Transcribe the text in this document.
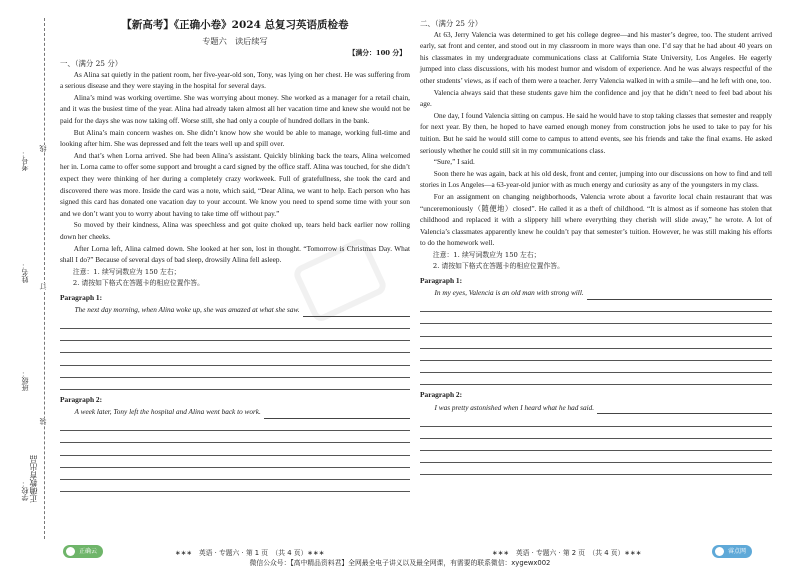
考号：
姓名：
班级：
学校：
线
订
装
正确教育出品
【新高考】《正确小卷》2024 总复习英语质检卷
专题六　读后续写
【满分：100 分】
一、（满分 25 分）

As Alina sat quietly in the patient room, her five-year-old son, Tony, was lying on her chest. He was suffering from a serious disease and they were staying in the hospital for several days.

Alina’s mind was working overtime. She was worrying about money. She worked as a manager for a retail chain, and it was the busiest time of the year. Alina had already taken almost all her vacation time and knew she would not be paid for the days she was now taking off. Worse still, she had only a couple of hundred dollars in the bank.

But Alina’s main concern washes on. She didn’t know how she would be able to manage, working full-time and looking after him. She was depressed and felt the tears well up and spill over.

And that’s when Lorna arrived. She had been Alina’s assistant. Quickly blinking back the tears, Alina welcomed her in. Lorna came to offer some support and brought a card signed by the office staff. Alina was touched, for she didn’t expect they were thinking of her during a completely crazy workweek. Full of gratefullness, she took the card and discovered there was more. Inside the card was a note, which said, “Dear Alina, we want to help. Each person who has signed this card has donated one vacation day to your account. We know you need to spend some time with your son and we don’t want you to worry about having to take time off without pay.”

So moved by their kindness, Alina was speechless and got quite choked up, tears held back earlier now rolling down her cheeks.

After Lorna left, Alina calmed down. She looked at her son, lost in thought. “Tomorrow is Christmas Day. What shall I do?” Because of several days of bad sleep, drowsily Alina fell asleep.

注意：1. 续写词数应为 150 左右；
2. 请按如下格式在答题卡的相应位置作答。
Paragraph 1:
The next day morning, when Alina woke up, she was amazed at what she saw.
Paragraph 2:
A week later, Tony left the hospital and Alina went back to work.
二、（满分 25 分）

At 63, Jerry Valencia was determined to get his college degree—and his master’s degree, too. The student arrived early, sat front and center, and stood out in my classroom in more ways than one. I’d say that he had about 40 years on his classmates in my undergraduate communications class at California State University, Los Angeles. He eagerly jumped into class discussions, with his modest humor and wisdom of experience. And he was always respectful of the other students’ views, as if each of them were a teacher. Jerry Valencia walked in with a smile—and he left with one, too.

Valencia always said that these students gave him the confidence and joy that he didn’t need to feel bad about his age.

One day, I found Valencia sitting on campus. He said he would have to stop taking classes that semester and reapply for next year. By then, he hoped to have earned enough money from construction jobs he used to take to pay for his tuition. But he said he would still come to campus to attend events, see his friends and take the final exams. He asked seriously whether he could still sit in my communications class.

“Sure,” I said.

Soon there he was again, back at his old desk, front and center, jumping into our discussions on how to find and tell stories in Los Angeles—a 63-year-old junior with as much energy and curiosity as any of the youngsters in my class.

For an assignment on changing neighborhoods, Valencia wrote about a favorite local chain restaurant that was “unceremoniously（随便地）closed”. He called it as a theft of childhood. “It is almost as if someone has stolen that childhood and replaced it with a slippery hill where everything they cherish will slide away,” he wrote. A lot of Valencia’s classmates apparently knew he couldn’t pay that semester’s tuition. However, he was still making his efforts to do the homework well.

注意：1. 续写词数应为 150 左右；
2. 请按如下格式在答题卡的相应位置作答。
Paragraph 1:
In my eyes, Valencia is an old man with strong will.
Paragraph 2:
I was pretty astonished when I heard what he had said.
正确云	∗∗∗　英语 · 专题六 · 第 1 页　（共 4 页）∗∗∗	∗∗∗　英语 · 专题六 · 第 2 页　（共 4 页）∗∗∗
微信公众号：【高中精品资料君】全网最全电子讲义以及最全网课，有需要的联系微信：xygewx002
睿点网
